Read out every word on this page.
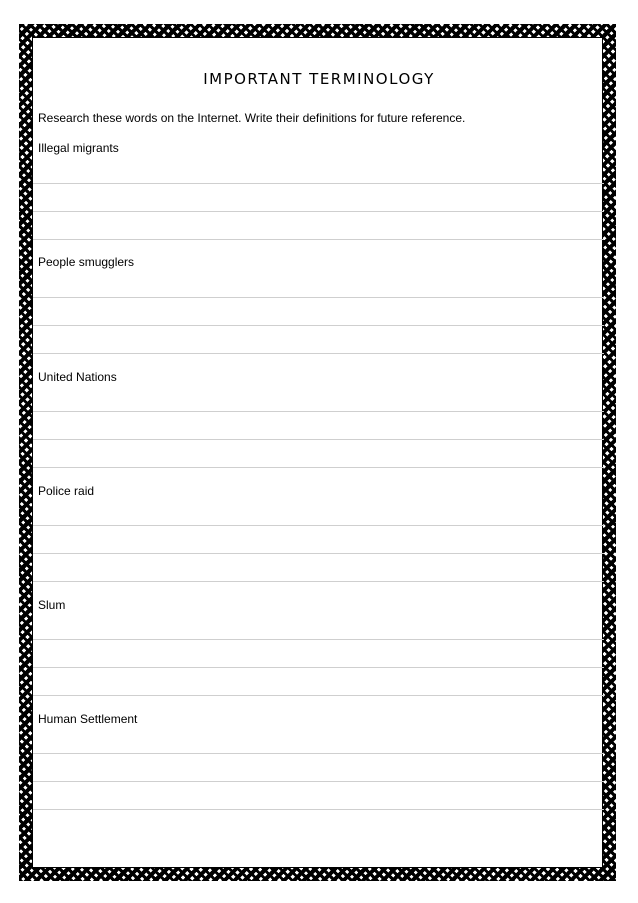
IMPORTANT TERMINOLOGY
Research these words on the Internet. Write their definitions for future reference.
Illegal migrants
People smugglers
United Nations
Police raid
Slum
Human Settlement
